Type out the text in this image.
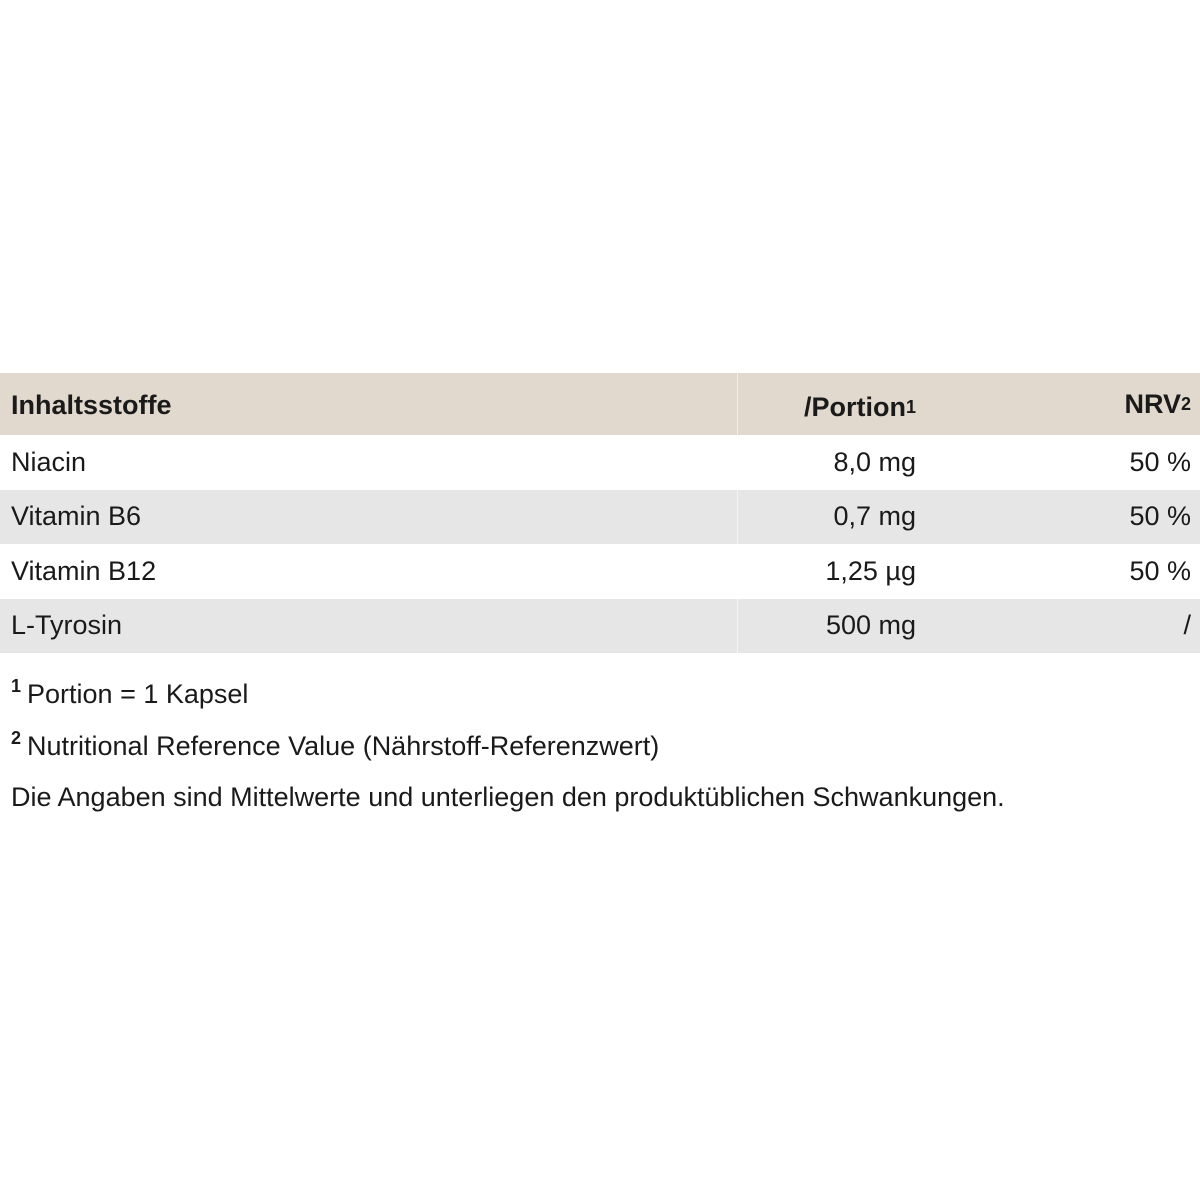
Inhaltsstoffe	/Portion 1	NRV 2
Niacin	8,0 mg	50 %
Vitamin B6	0,7 mg	50 %
Vitamin B12	1,25 µg	50 %
L-Tyrosin	500 mg	/
$^1$ Portion = 1 Kapsel
$^2$ Nutritional Reference Value (Nährstoff-Referenzwert)
Die Angaben sind Mittelwerte und unterliegen den produktüblichen Schwankungen.
